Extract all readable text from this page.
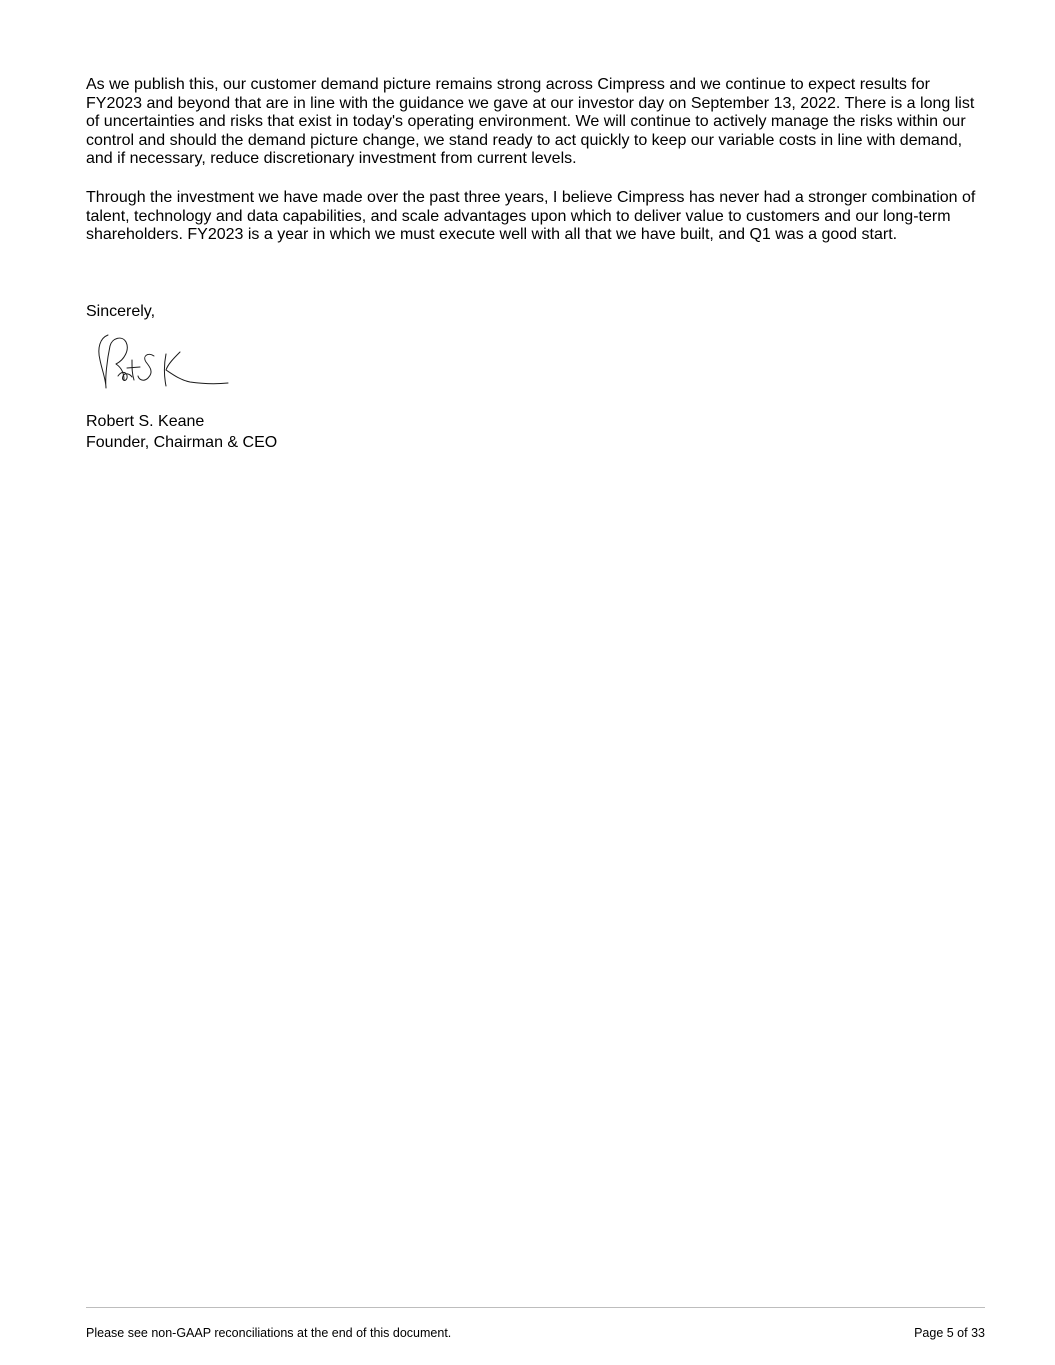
As we publish this, our customer demand picture remains strong across Cimpress and we continue to expect results for FY2023 and beyond that are in line with the guidance we gave at our investor day on September 13, 2022. There is a long list of uncertainties and risks that exist in today's operating environment. We will continue to actively manage the risks within our control and should the demand picture change, we stand ready to act quickly to keep our variable costs in line with demand, and if necessary, reduce discretionary investment from current levels.

Through the investment we have made over the past three years, I believe Cimpress has never had a stronger combination of talent, technology and data capabilities, and scale advantages upon which to deliver value to customers and our long-term shareholders. FY2023 is a year in which we must execute well with all that we have built, and Q1 was a good start.

Sincerely,
Robert S. Keane
Founder, Chairman & CEO
Please see non-GAAP reconciliations at the end of this document.	Page 5 of 33
